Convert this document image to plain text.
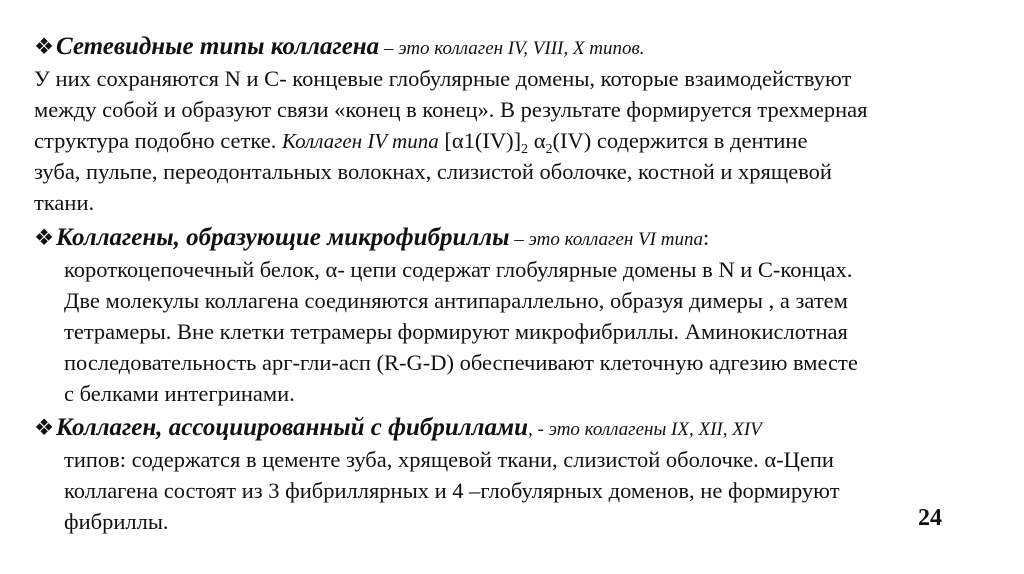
❖Сетевидные типы коллагена – это коллаген IV, VIII, X типов.
У них сохраняются N и C- концевые глобулярные домены, которые взаимодействуют
между собой и образуют связи «конец в конец». В результате формируется трехмерная
структура подобно сетке. Коллаген IV типа $[\alpha 1(IV)]_2$ $\alpha_2(IV)$ содержится в дентине
зуба, пульпе, переодонтальных волокнах, слизистой оболочке, костной и хрящевой
ткани.
❖Коллагены, образующие микрофибриллы – это коллаген VI типа:
короткоцепочечный белок, α- цепи содержат глобулярные домены в N и C-концах.
Две молекулы коллагена соединяются антипараллельно, образуя димеры , а затем
тетрамеры. Вне клетки тетрамеры формируют микрофибриллы. Аминокислотная
последовательность арг-гли-асп (R-G-D) обеспечивают клеточную адгезию вместе
с белками интегринами.
❖Коллаген, ассоциированный с фибриллами, - это коллагены IX, XII, XIV
типов: содержатся в цементе зуба, хрящевой ткани, слизистой оболочке. α-Цепи
коллагена состоят из 3 фибриллярных и 4 –глобулярных доменов, не формируют
фибриллы.	24
